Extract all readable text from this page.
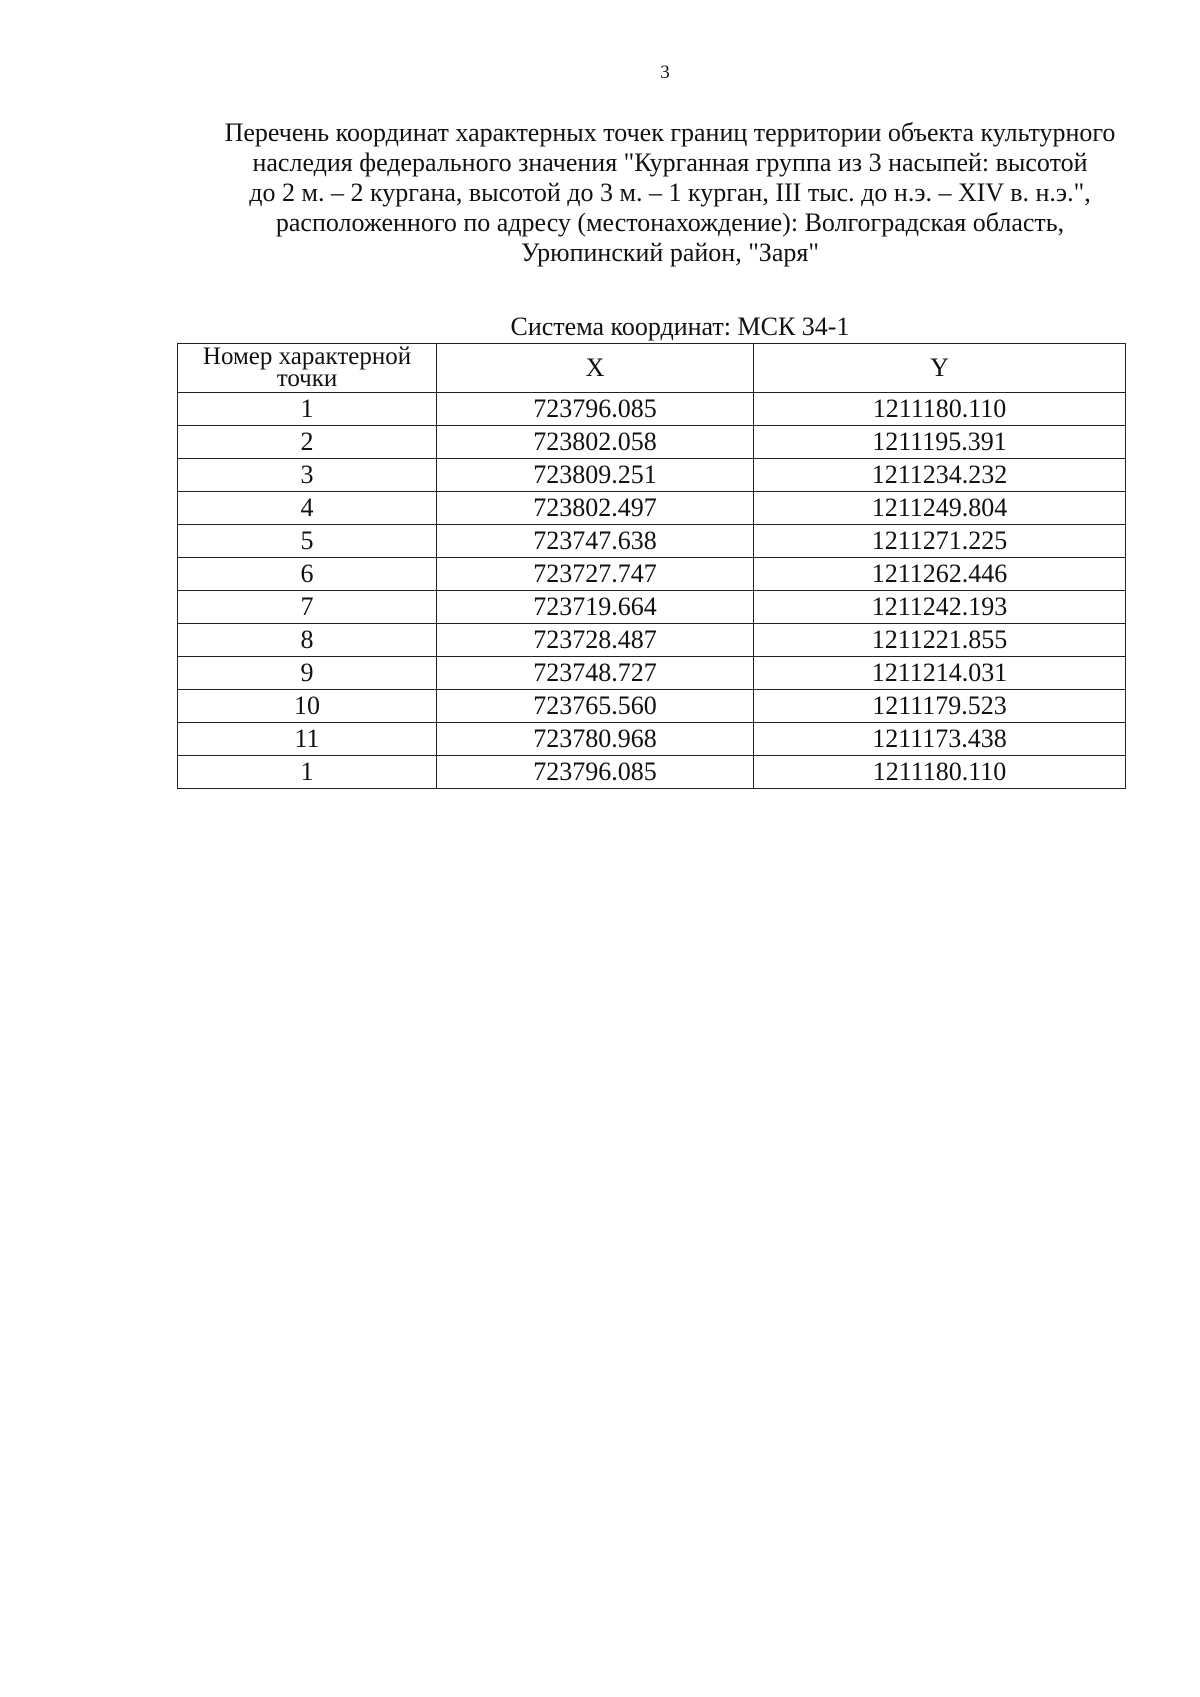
3
Перечень координат характерных точек границ территории объекта культурного
наследия федерального значения "Курганная группа из 3 насыпей: высотой
до 2 м. – 2 кургана, высотой до 3 м. – 1 курган, III тыс. до н.э. – XIV в. н.э.",
расположенного по адресу (местонахождение): Волгоградская область,
Урюпинский район, "Заря"
Система координат: МСК 34-1
Номер характерной
точки	X	Y
1	723796.085	1211180.110
2	723802.058	1211195.391
3	723809.251	1211234.232
4	723802.497	1211249.804
5	723747.638	1211271.225
6	723727.747	1211262.446
7	723719.664	1211242.193
8	723728.487	1211221.855
9	723748.727	1211214.031
10	723765.560	1211179.523
11	723780.968	1211173.438
1	723796.085	1211180.110
